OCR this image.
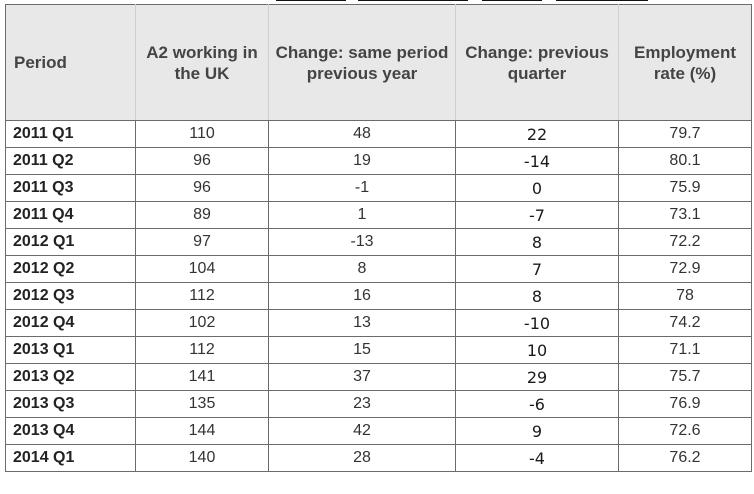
Period	A2 working in the UK	Change: same period previous year	Change: previous quarter	Employment rate (%)
2011 Q1	110	48	22	79.7
2011 Q2	96	19	-14	80.1
2011 Q3	96	-1	0	75.9
2011 Q4	89	1	-7	73.1
2012 Q1	97	-13	8	72.2
2012 Q2	104	8	7	72.9
2012 Q3	112	16	8	78
2012 Q4	102	13	-10	74.2
2013 Q1	112	15	10	71.1
2013 Q2	141	37	29	75.7
2013 Q3	135	23	-6	76.9
2013 Q4	144	42	9	72.6
2014 Q1	140	28	-4	76.2
